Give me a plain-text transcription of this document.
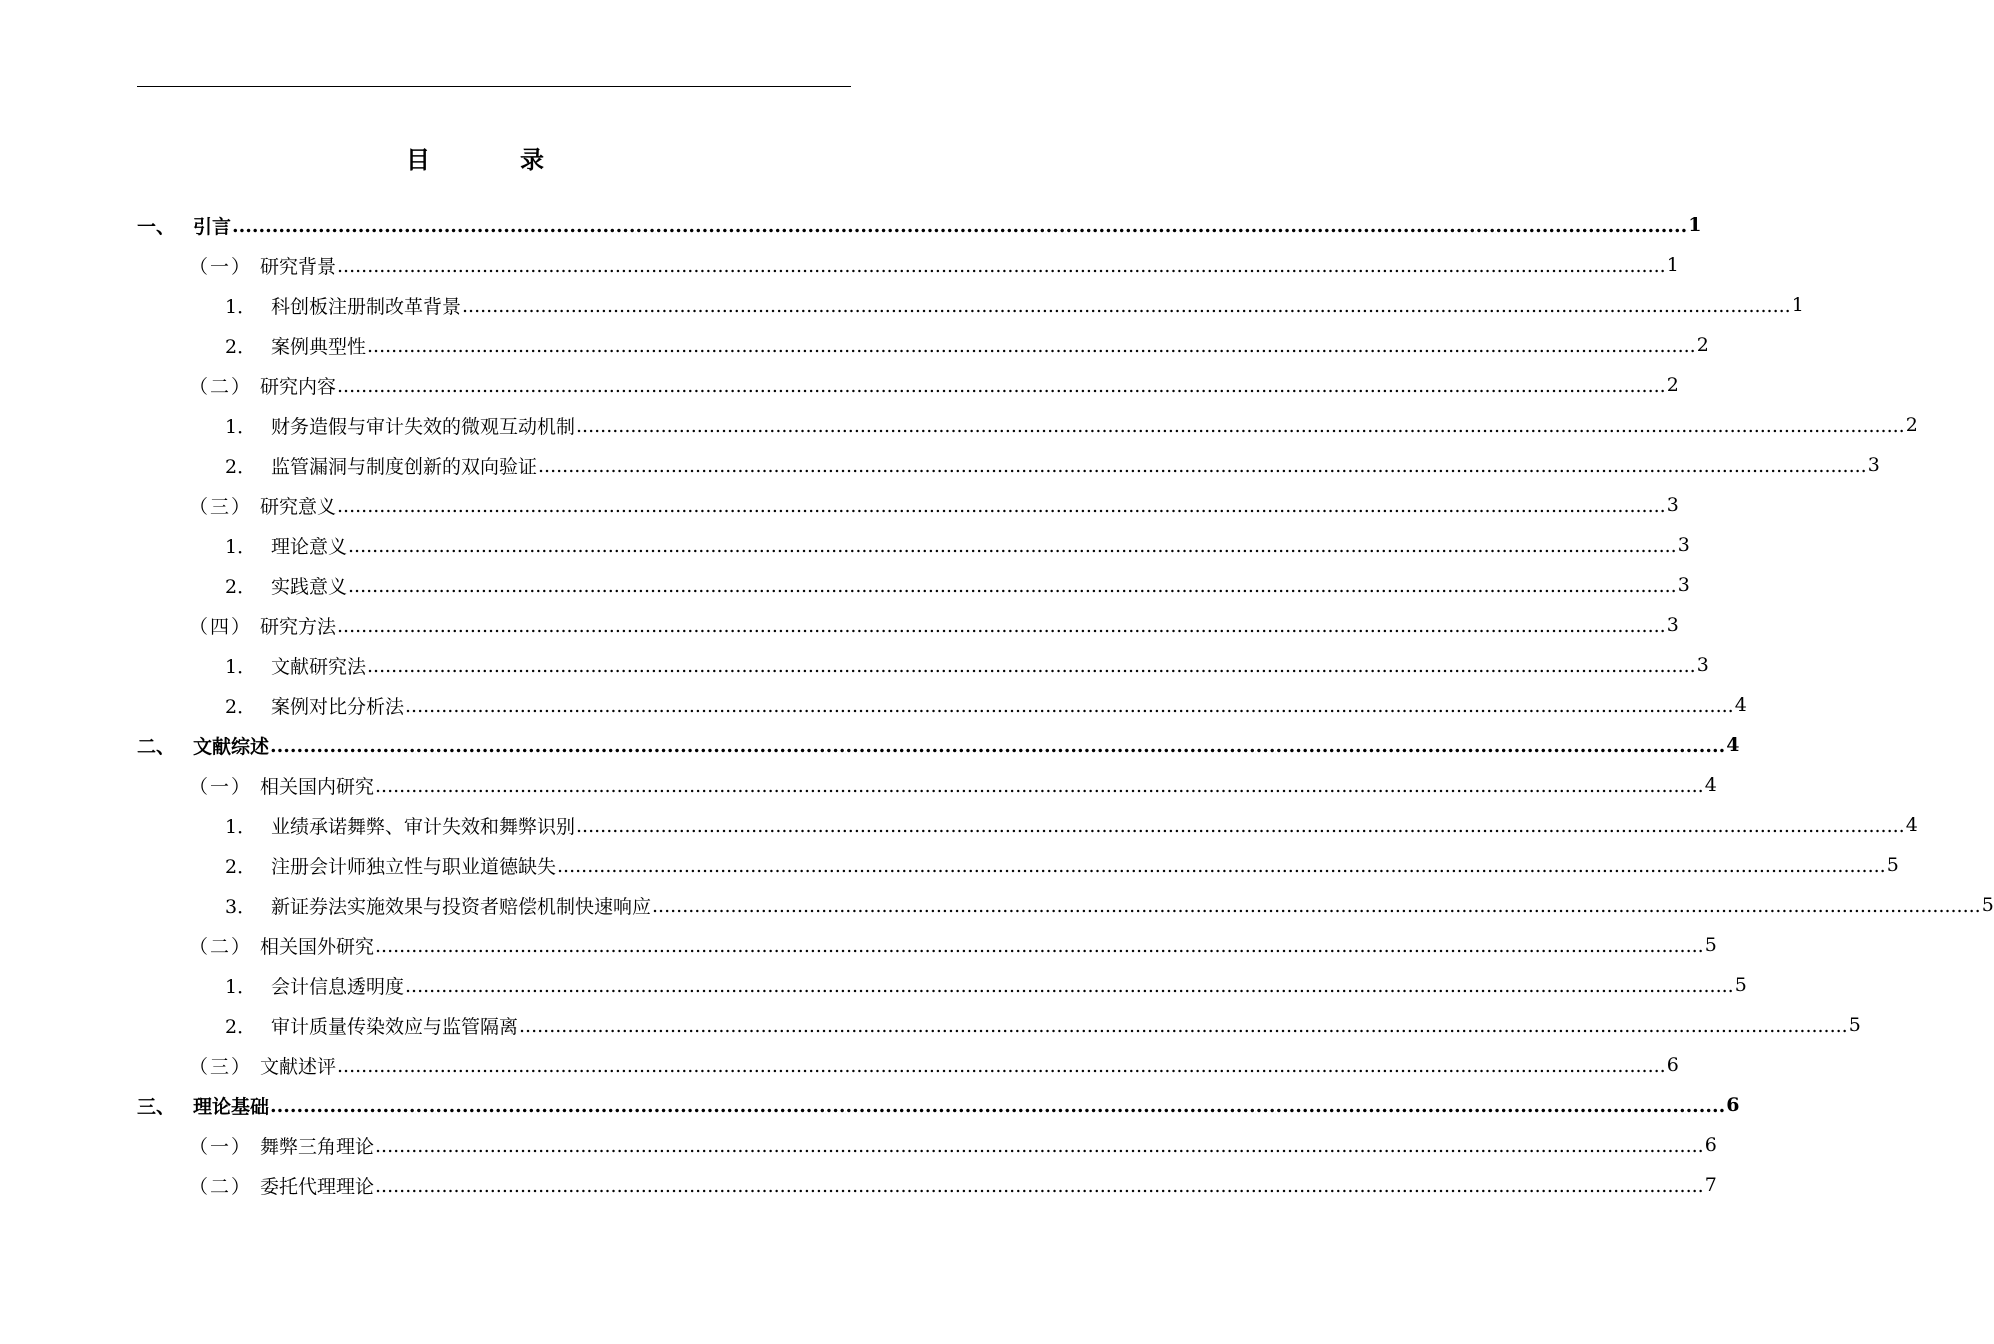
目	录
一、 引言 ............................................................................................................................................................................................................................ 1
（一） 研究背景 ............................................................................................................................................................................................................................ 1
1． 科创板注册制改革背景 ............................................................................................................................................................................................................................ 1
2． 案例典型性 ............................................................................................................................................................................................................................ 2
（二） 研究内容 ............................................................................................................................................................................................................................ 2
1． 财务造假与审计失效的微观互动机制 ............................................................................................................................................................................................................................ 2
2． 监管漏洞与制度创新的双向验证 ............................................................................................................................................................................................................................ 3
（三） 研究意义 ............................................................................................................................................................................................................................ 3
1． 理论意义 ............................................................................................................................................................................................................................ 3
2． 实践意义 ............................................................................................................................................................................................................................ 3
（四） 研究方法 ............................................................................................................................................................................................................................ 3
1． 文献研究法 ............................................................................................................................................................................................................................ 3
2． 案例对比分析法 ............................................................................................................................................................................................................................ 4
二、 文献综述 ............................................................................................................................................................................................................................ 4
（一） 相关国内研究 ............................................................................................................................................................................................................................ 4
1． 业绩承诺舞弊、审计失效和舞弊识别 ............................................................................................................................................................................................................................ 4
2． 注册会计师独立性与职业道德缺失 ............................................................................................................................................................................................................................ 5
3． 新证券法实施效果与投资者赔偿机制快速响应 ............................................................................................................................................................................................................................ 5
（二） 相关国外研究 ............................................................................................................................................................................................................................ 5
1． 会计信息透明度 ............................................................................................................................................................................................................................ 5
2． 审计质量传染效应与监管隔离 ............................................................................................................................................................................................................................ 5
（三） 文献述评 ............................................................................................................................................................................................................................ 6
三、 理论基础 ............................................................................................................................................................................................................................ 6
（一） 舞弊三角理论 ............................................................................................................................................................................................................................ 6
（二） 委托代理理论 ............................................................................................................................................................................................................................ 7
